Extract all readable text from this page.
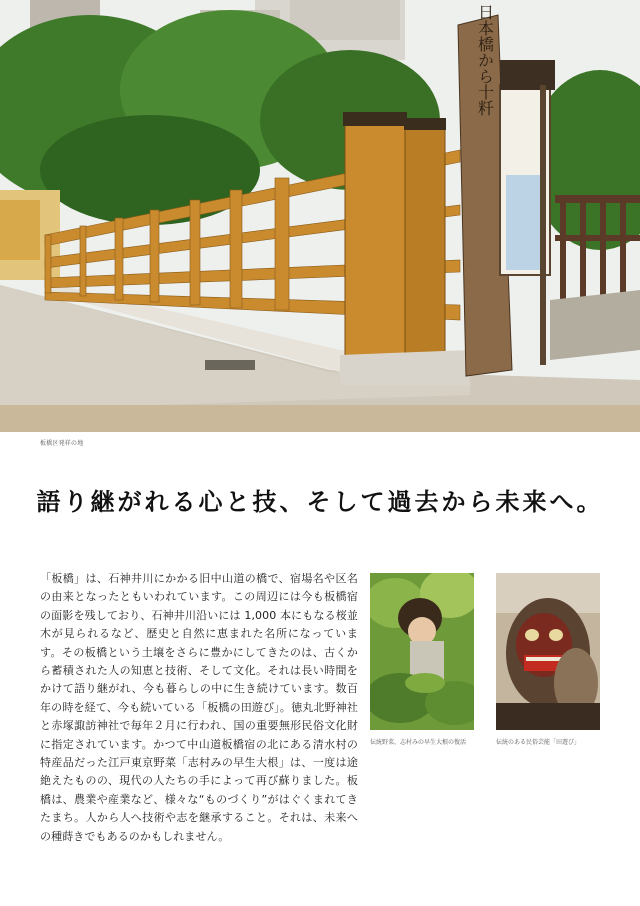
日本橋から十粁
板橋区発祥の地
語り継がれる心と技、そして過去から未来へ。
「板橋」は、石神井川にかかる旧中山道の橋で、宿場名や区名の由来となったともいわれています。この周辺には今も板橋宿の面影を残しており、石神井川沿いには 1,000 本にもなる桜並木が見られるなど、歴史と自然に恵まれた名所になっています。その板橋という土壌をさらに豊かにしてきたのは、古くから蓄積された人の知恵と技術、そして文化。それは長い時間をかけて語り継がれ、今も暮らしの中に生き続けています。数百年の時を経て、今も続いている「板橋の田遊び」。徳丸北野神社と赤塚諏訪神社で毎年２月に行われ、国の重要無形民俗文化財に指定されています。かつて中山道板橋宿の北にある清水村の特産品だった江戸東京野菜「志村みの早生大根」は、一度は途絶えたものの、現代の人たちの手によって再び蘇りました。板橋は、農業や産業など、様々な“ものづくり”がはぐくまれてきたまち。人から人へ技術や志を継承すること。それは、未来への種蒔きでもあるのかもしれません。
伝統野菜、志村みの早生大根の復活	伝統のある民俗芸能「田遊び」
